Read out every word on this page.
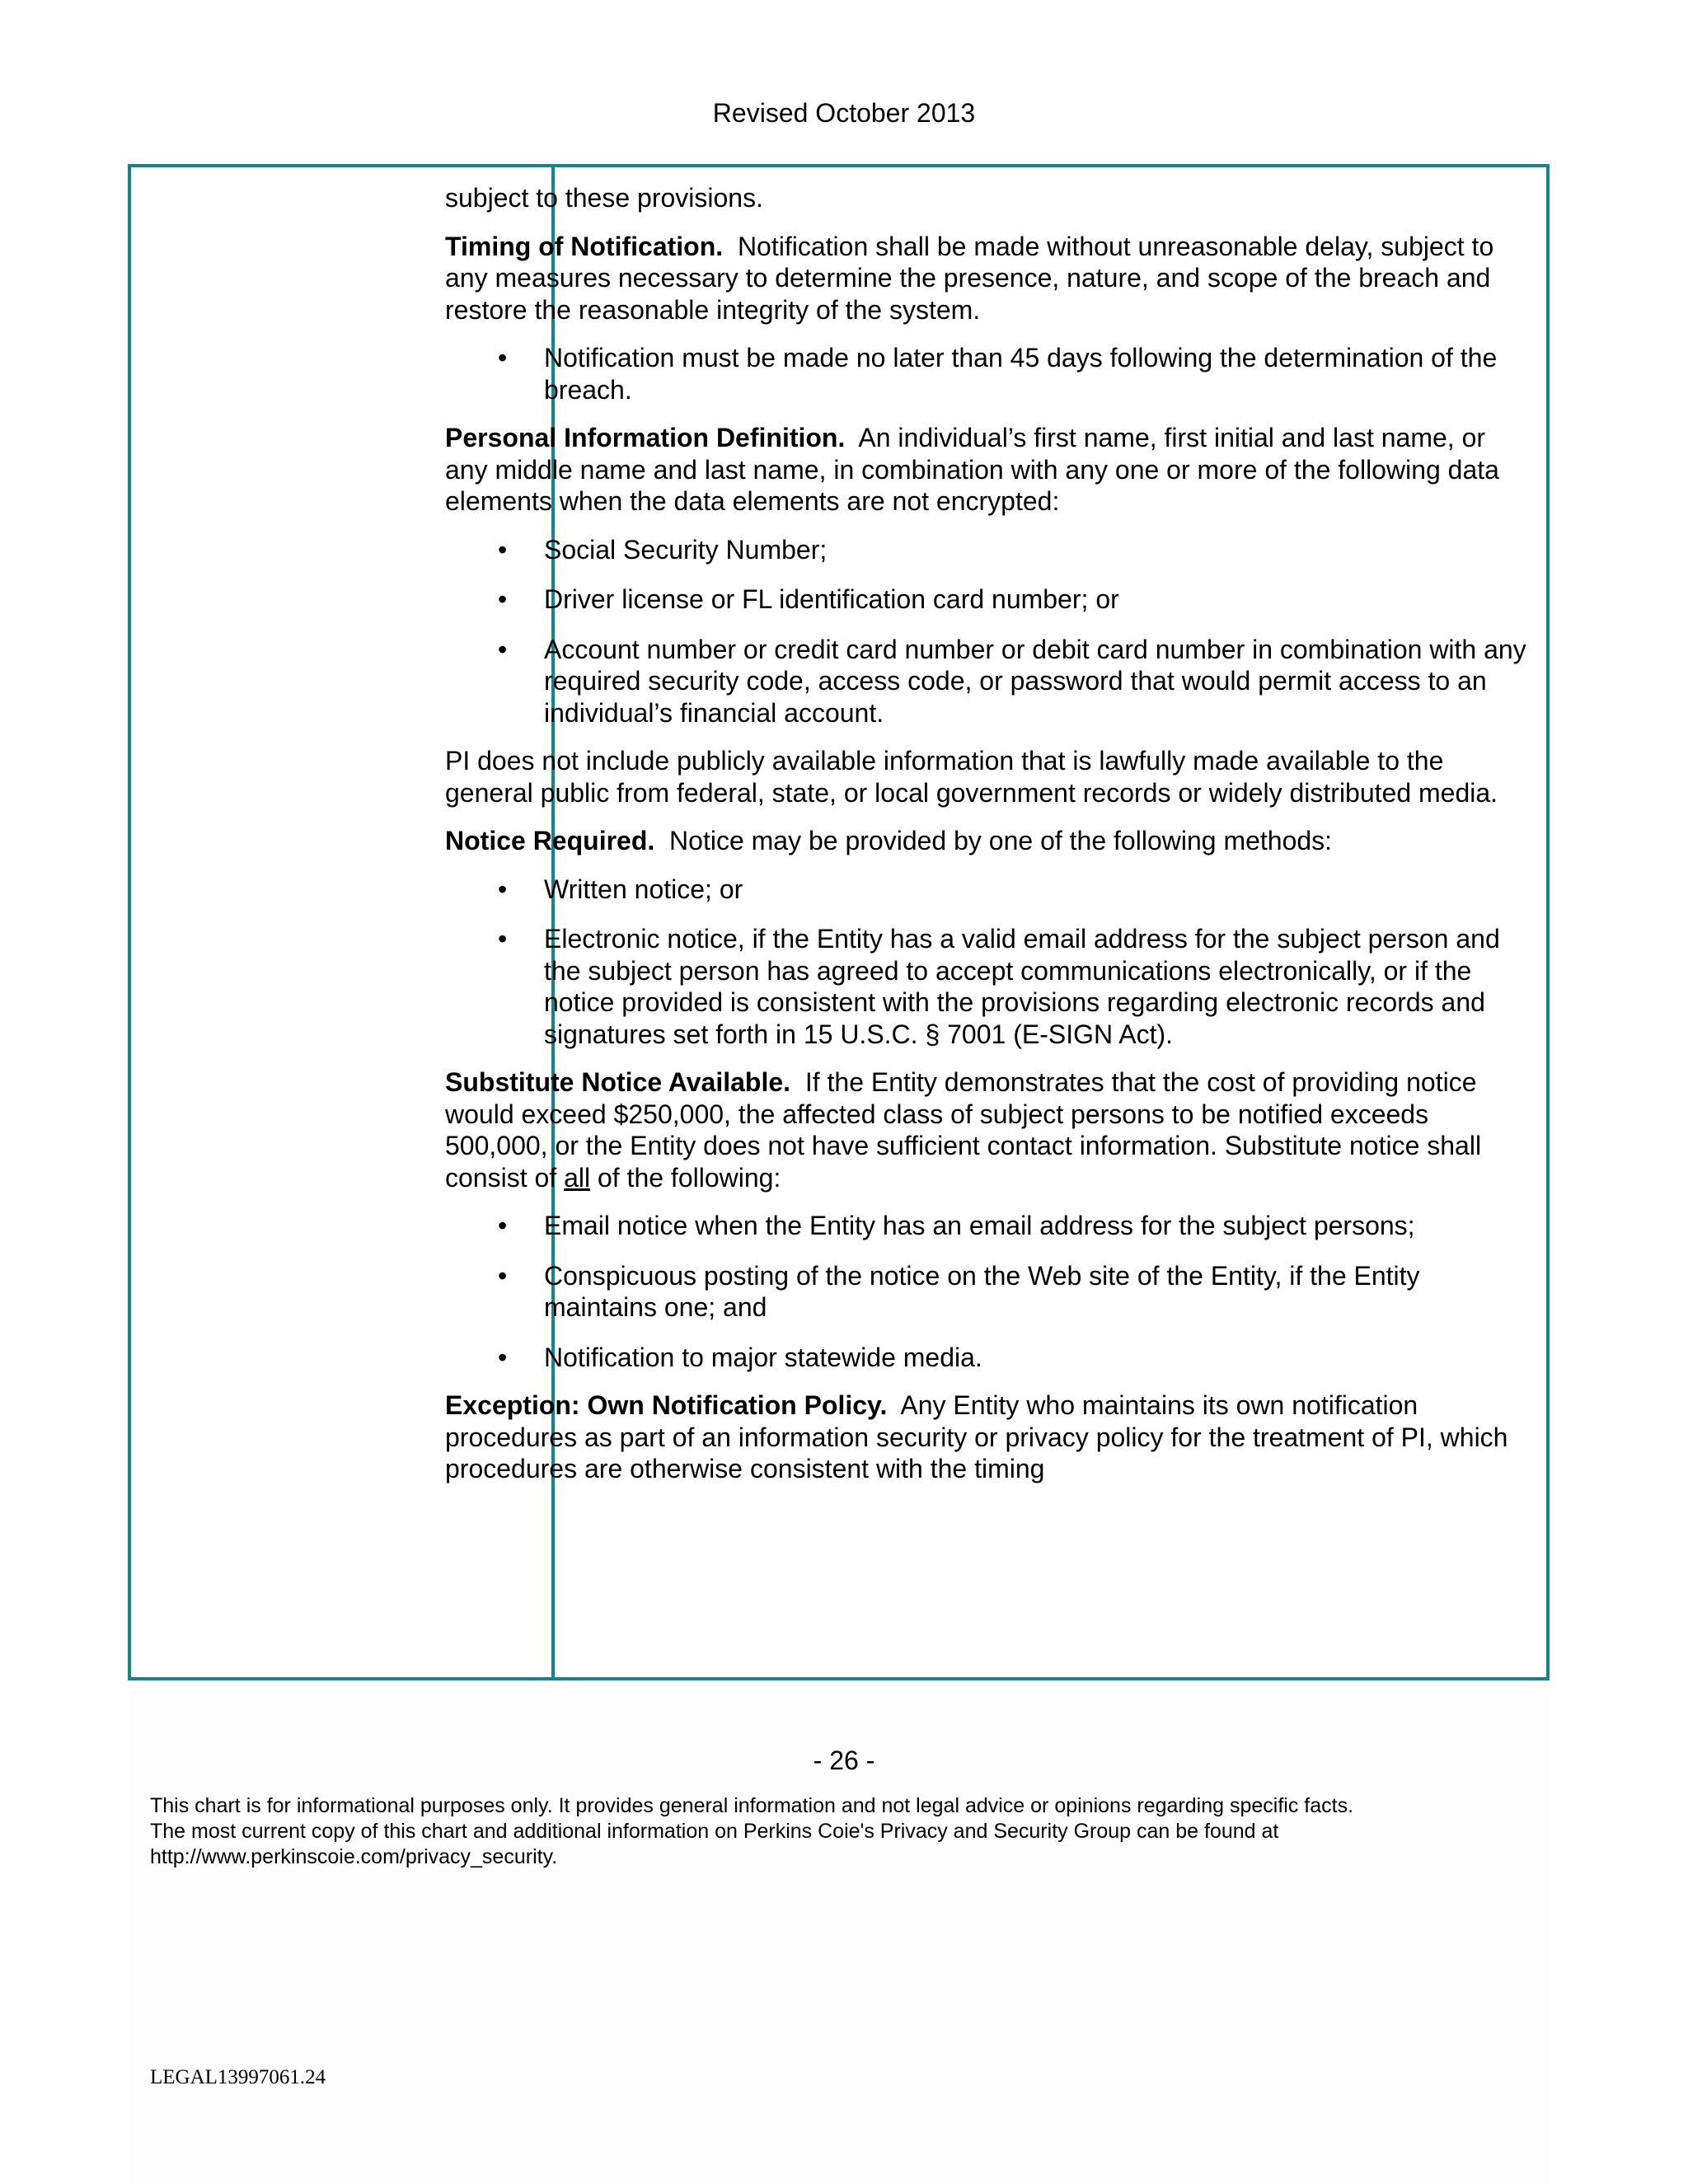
Revised October 2013

subject to these provisions.

Timing of Notification. Notification shall be made without unreasonable delay, subject to any measures necessary to determine the presence, nature, and scope of the breach and restore the reasonable integrity of the system.

• Notification must be made no later than 45 days following the determination of the breach.

Personal Information Definition. An individual’s first name, first initial and last name, or any middle name and last name, in combination with any one or more of the following data elements when the data elements are not encrypted:

• Social Security Number;
• Driver license or FL identification card number; or
• Account number or credit card number or debit card number in combination with any required security code, access code, or password that would permit access to an individual’s financial account.

PI does not include publicly available information that is lawfully made available to the general public from federal, state, or local government records or widely distributed media.

Notice Required. Notice may be provided by one of the following methods:

• Written notice; or
• Electronic notice, if the Entity has a valid email address for the subject person and the subject person has agreed to accept communications electronically, or if the notice provided is consistent with the provisions regarding electronic records and signatures set forth in 15 U.S.C. § 7001 (E-SIGN Act).

Substitute Notice Available. If the Entity demonstrates that the cost of providing notice would exceed $250,000, the affected class of subject persons to be notified exceeds 500,000, or the Entity does not have sufficient contact information. Substitute notice shall consist of all of the following:

• Email notice when the Entity has an email address for the subject persons;
• Conspicuous posting of the notice on the Web site of the Entity, if the Entity maintains one; and
• Notification to major statewide media.

Exception: Own Notification Policy. Any Entity who maintains its own notification procedures as part of an information security or privacy policy for the treatment of PI, which procedures are otherwise consistent with the timing

- 26 -
This chart is for informational purposes only. It provides general information and not legal advice or opinions regarding specific facts.
The most current copy of this chart and additional information on Perkins Coie's Privacy and Security Group can be found at
http://www.perkinscoie.com/privacy_security.
LEGAL13997061.24
